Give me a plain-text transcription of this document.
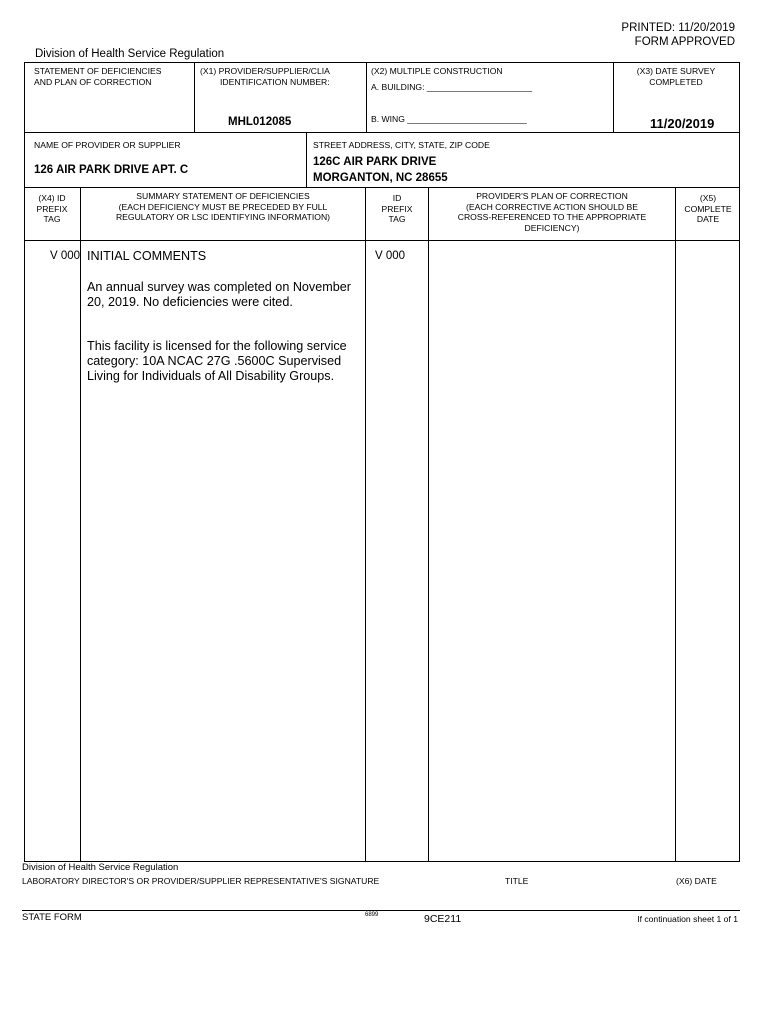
PRINTED: 11/20/2019
FORM APPROVED
Division of Health Service Regulation
STATEMENT OF DEFICIENCIES
AND PLAN OF CORRECTION
(X1) PROVIDER/SUPPLIER/CLIA
IDENTIFICATION NUMBER:
MHL012085
(X2) MULTIPLE CONSTRUCTION
A. BUILDING: ______________________
B. WING _________________________
(X3) DATE SURVEY
COMPLETED
11/20/2019
NAME OF PROVIDER OR SUPPLIER
126 AIR PARK DRIVE APT. C
STREET ADDRESS, CITY, STATE, ZIP CODE
126C AIR PARK DRIVE
MORGANTON, NC 28655
(X4) ID
PREFIX
TAG
SUMMARY STATEMENT OF DEFICIENCIES
(EACH DEFICIENCY MUST BE PRECEDED BY FULL
REGULATORY OR LSC IDENTIFYING INFORMATION)
ID
PREFIX
TAG
PROVIDER'S PLAN OF CORRECTION
(EACH CORRECTIVE ACTION SHOULD BE
CROSS-REFERENCED TO THE APPROPRIATE
DEFICIENCY)
(X5)
COMPLETE
DATE
V 000 INITIAL COMMENTS
An annual survey was completed on November
20, 2019. No deficiencies were cited.
This facility is licensed for the following service
category: 10A NCAC 27G .5600C Supervised
Living for Individuals of All Disability Groups.
V 000
Division of Health Service Regulation
LABORATORY DIRECTOR'S OR PROVIDER/SUPPLIER REPRESENTATIVE'S SIGNATURE	TITLE	(X6) DATE
STATE FORM	6899	9CE211	If continuation sheet 1 of 1
